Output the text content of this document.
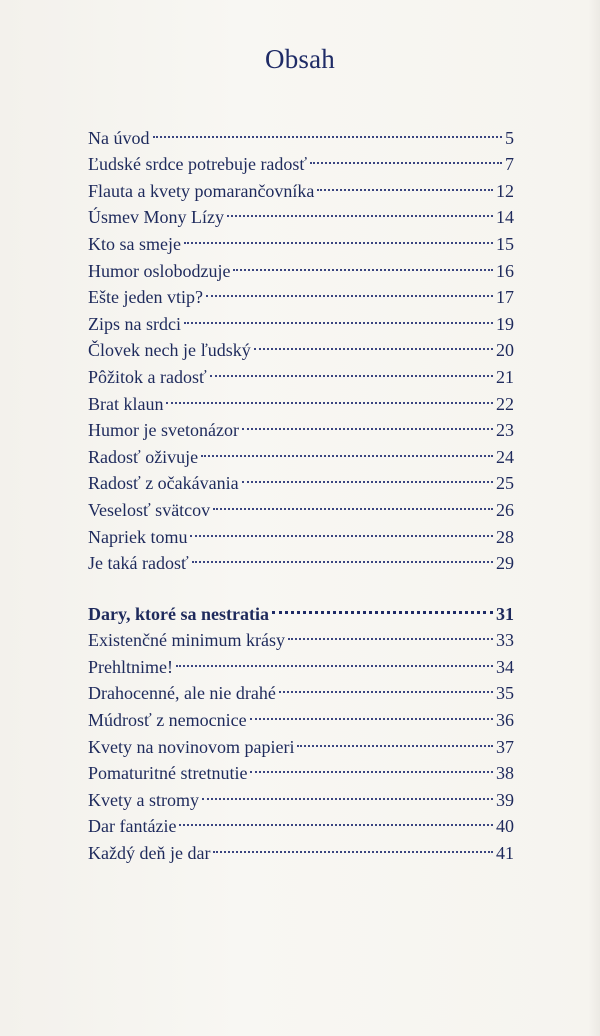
Obsah
Na úvod	5
Ľudské srdce potrebuje radosť	7
Flauta a kvety pomarančovníka	12
Úsmev Mony Lízy	14
Kto sa smeje	15
Humor oslobodzuje	16
Ešte jeden vtip?	17
Zips na srdci	19
Človek nech je ľudský	20
Pôžitok a radosť	21
Brat klaun	22
Humor je svetonázor	23
Radosť oživuje	24
Radosť z očakávania	25
Veselosť svätcov	26
Napriek tomu	28
Je taká radosť	29
Dary, ktoré sa nestratia	31
Existenčné minimum krásy	33
Prehltnime!	34
Drahocenné, ale nie drahé	35
Múdrosť z nemocnice	36
Kvety na novinovom papieri	37
Pomaturitné stretnutie	38
Kvety a stromy	39
Dar fantázie	40
Každý deň je dar	41
